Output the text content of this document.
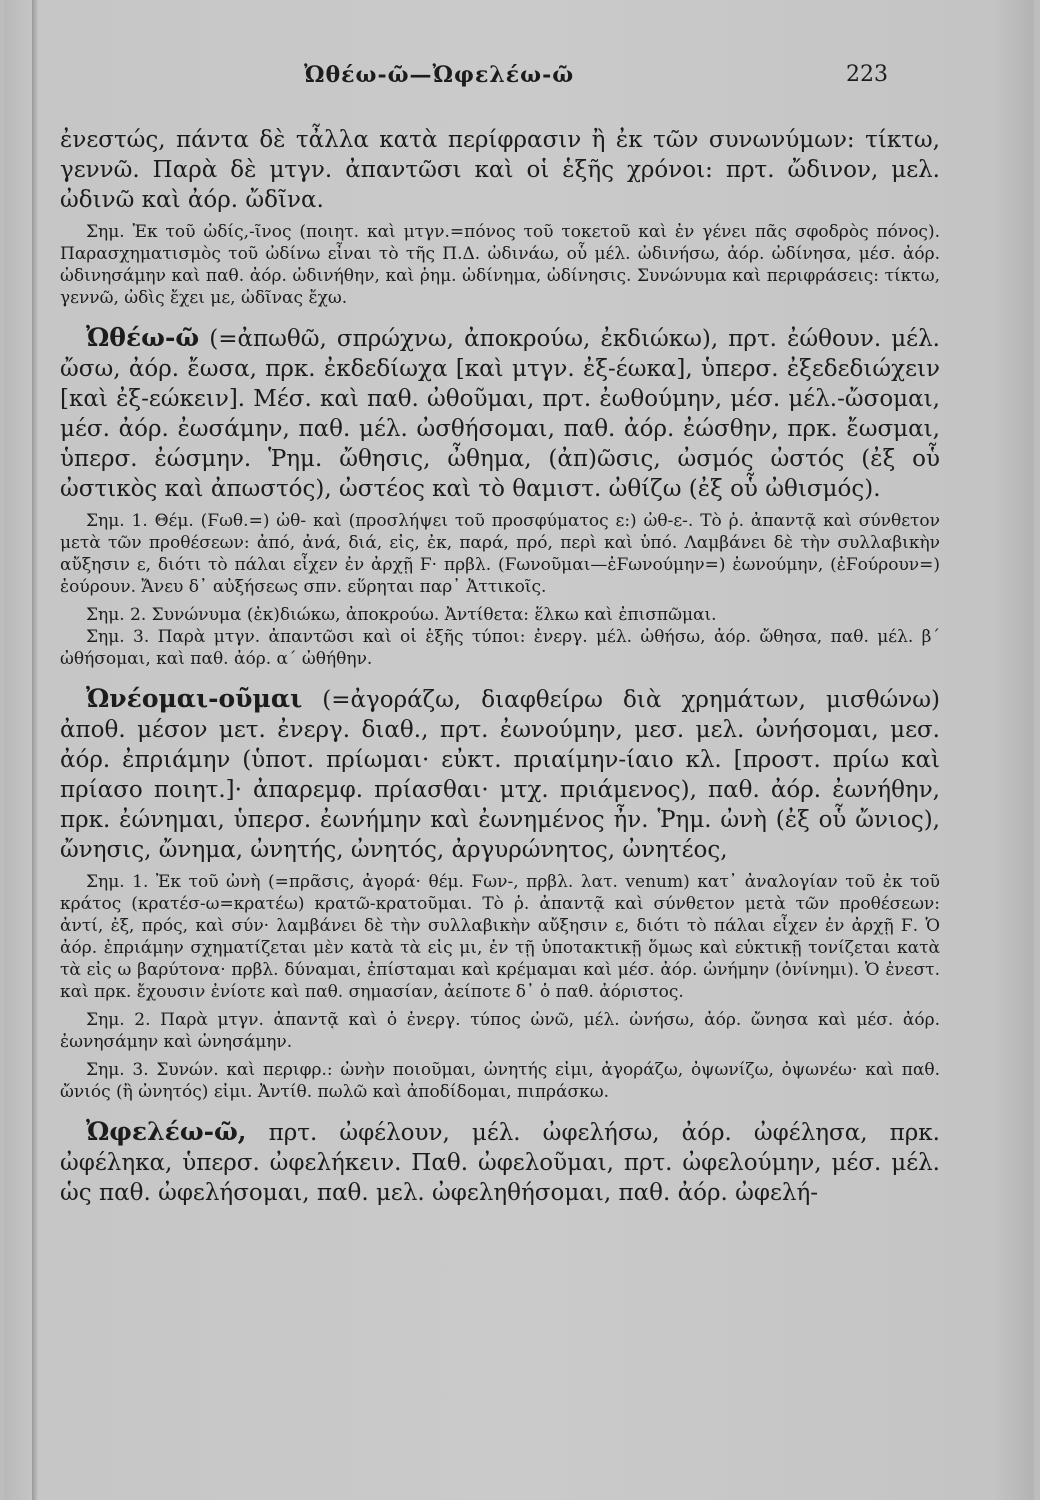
Ὠθέω-ῶ—Ὠφελέω-ῶ	223

ἐνεστώς, πάντα δὲ τἆλλα κατὰ περίφρασιν ἢ ἐκ τῶν συνωνύμων: τίκτω, γεννῶ. Παρὰ δὲ μτγν. ἀπαντῶσι καὶ οἱ ἑξῆς χρόνοι: πρτ. ὤδινον, μελ. ὠδινῶ καὶ ἀόρ. ὤδῖνα.

Σημ. Ἐκ τοῦ ὠδίς,-ῖνος (ποιητ. καὶ μτγν.=πόνος τοῦ τοκετοῦ καὶ ἐν γένει πᾶς σφοδρὸς πόνος). Παρασχηματισμὸς τοῦ ὠδίνω εἶναι τὸ τῆς Π.Δ. ὠδινάω, οὗ μέλ. ὠδινήσω, ἀόρ. ὠδίνησα, μέσ. ἀόρ. ὠδινησάμην καὶ παθ. ἀόρ. ὠδινήθην, καὶ ῥημ. ὠδίνημα, ὠδίνησις. Συνώνυμα καὶ περιφράσεις: τίκτω, γεννῶ, ὠδὶς ἔχει με, ὠδῖνας ἔχω.

Ὠθέω-ῶ (=ἀπωθῶ, σπρώχνω, ἀποκρούω, ἐκδιώκω), πρτ. ἐώθουν. μέλ. ὤσω, ἀόρ. ἔωσα, πρκ. ἐκδεδίωχα [καὶ μτγν. ἐξ-έωκα], ὑπερσ. ἐξεδεδιώχειν [καὶ ἐξ-εώκειν]. Μέσ. καὶ παθ. ὠθοῦμαι, πρτ. ἐωθούμην, μέσ. μέλ.-ὤσομαι, μέσ. ἀόρ. ἐωσάμην, παθ. μέλ. ὠσθήσομαι, παθ. ἀόρ. ἐώσθην, πρκ. ἔωσμαι, ὑπερσ. ἐώσμην. Ῥημ. ὤθησις, ὦθημα, (ἀπ)ῶσις, ὠσμός ὠστός (ἐξ οὗ ὠστικὸς καὶ ἀπωστός), ὠστέος καὶ τὸ θαμιστ. ὠθίζω (ἐξ οὗ ὠθισμός).

Σημ. 1. Θέμ. (Ϝωθ.=) ὠθ- καὶ (προσλήψει τοῦ προσφύματος ε:) ὠθ-ε-. Τὸ ῥ. ἀπαντᾷ καὶ σύνθετον μετὰ τῶν προθέσεων: ἀπό, ἀνά, διά, εἰς, ἐκ, παρά, πρό, περὶ καὶ ὑπό. Λαμβάνει δὲ τὴν συλλαβικὴν αὔξησιν ε, διότι τὸ πάλαι εἶχεν ἐν ἀρχῇ Ϝ· πρβλ. (Ϝωνοῦμαι—ἐϜωνούμην=) ἐωνούμην, (ἐϜούρουν=) ἐούρουν. Ἄνευ δ᾽ αὐξήσεως σπν. εὕρηται παρ᾽ Ἀττικοῖς.

Σημ. 2. Συνώνυμα (ἐκ)διώκω, ἀποκρούω. Ἀντίθετα: ἕλκω καὶ ἐπισπῶμαι.

Σημ. 3. Παρὰ μτγν. ἀπαντῶσι καὶ οἱ ἑξῆς τύποι: ἐνεργ. μέλ. ὠθήσω, ἀόρ. ὤθησα, παθ. μέλ. β´ ὠθήσομαι, καὶ παθ. ἀόρ. α´ ὠθήθην.

Ὠνέομαι-οῦμαι (=ἀγοράζω, διαφθείρω διὰ χρημάτων, μισθώνω) ἀποθ. μέσον μετ. ἐνεργ. διαθ., πρτ. ἐωνούμην, μεσ. μελ. ὠνήσομαι, μεσ. ἀόρ. ἐπριάμην (ὑποτ. πρίωμαι· εὐκτ. πριαίμην-ίαιο κλ. [προστ. πρίω καὶ πρίασο ποιητ.]· ἀπαρεμφ. πρίασθαι· μτχ. πριάμενος), παθ. ἀόρ. ἐωνήθην, πρκ. ἐώνημαι, ὑπερσ. ἐωνήμην καὶ ἐωνημένος ἦν. Ῥημ. ὠνὴ (ἐξ οὗ ὤνιος), ὤνησις, ὤνημα, ὠνητής, ὠνητός, ἀργυρώνητος, ὠνητέος,

Σημ. 1. Ἐκ τοῦ ὠνὴ (=πρᾶσις, ἀγορά· θέμ. Ϝων-, πρβλ. λατ. venum) κατ᾽ ἀναλογίαν τοῦ ἐκ τοῦ κράτος (κρατέσ-ω=κρατέω) κρατῶ-κρατοῦμαι. Τὸ ῥ. ἀπαντᾷ καὶ σύνθετον μετὰ τῶν προθέσεων: ἀντί, ἐξ, πρός, καὶ σύν· λαμβάνει δὲ τὴν συλλαβικὴν αὔξησιν ε, διότι τὸ πάλαι εἶχεν ἐν ἀρχῇ Ϝ. Ὁ ἀόρ. ἐπριάμην σχηματίζεται μὲν κατὰ τὰ εἰς μι, ἐν τῇ ὑποτακτικῇ ὅμως καὶ εὐκτικῇ τονίζεται κατὰ τὰ εἰς ω βαρύτονα· πρβλ. δύναμαι, ἐπίσταμαι καὶ κρέμαμαι καὶ μέσ. ἀόρ. ὠνήμην (ὀνίνημι). Ὁ ἐνεστ. καὶ πρκ. ἔχουσιν ἐνίοτε καὶ παθ. σημασίαν, ἀείποτε δ᾽ ὁ παθ. ἀόριστος.

Σημ. 2. Παρὰ μτγν. ἀπαντᾷ καὶ ὁ ἐνεργ. τύπος ὠνῶ, μέλ. ὠνήσω, ἀόρ. ὤνησα καὶ μέσ. ἀόρ. ἐωνησάμην καὶ ὠνησάμην.

Σημ. 3. Συνών. καὶ περιφρ.: ὠνὴν ποιοῦμαι, ὠνητής εἰμι, ἀγοράζω, ὀψωνίζω, ὀψωνέω· καὶ παθ. ὤνιός (ἢ ὠνητός) εἰμι. Ἀντίθ. πωλῶ καὶ ἀποδίδομαι, πιπράσκω.

Ὠφελέω-ῶ, πρτ. ὠφέλουν, μέλ. ὠφελήσω, ἀόρ. ὠφέλησα, πρκ. ὠφέληκα, ὑπερσ. ὠφελήκειν. Παθ. ὠφελοῦμαι, πρτ. ὠφελούμην, μέσ. μέλ. ὡς παθ. ὠφελήσομαι, παθ. μελ. ὠφεληθήσομαι, παθ. ἀόρ. ὠφελή-
